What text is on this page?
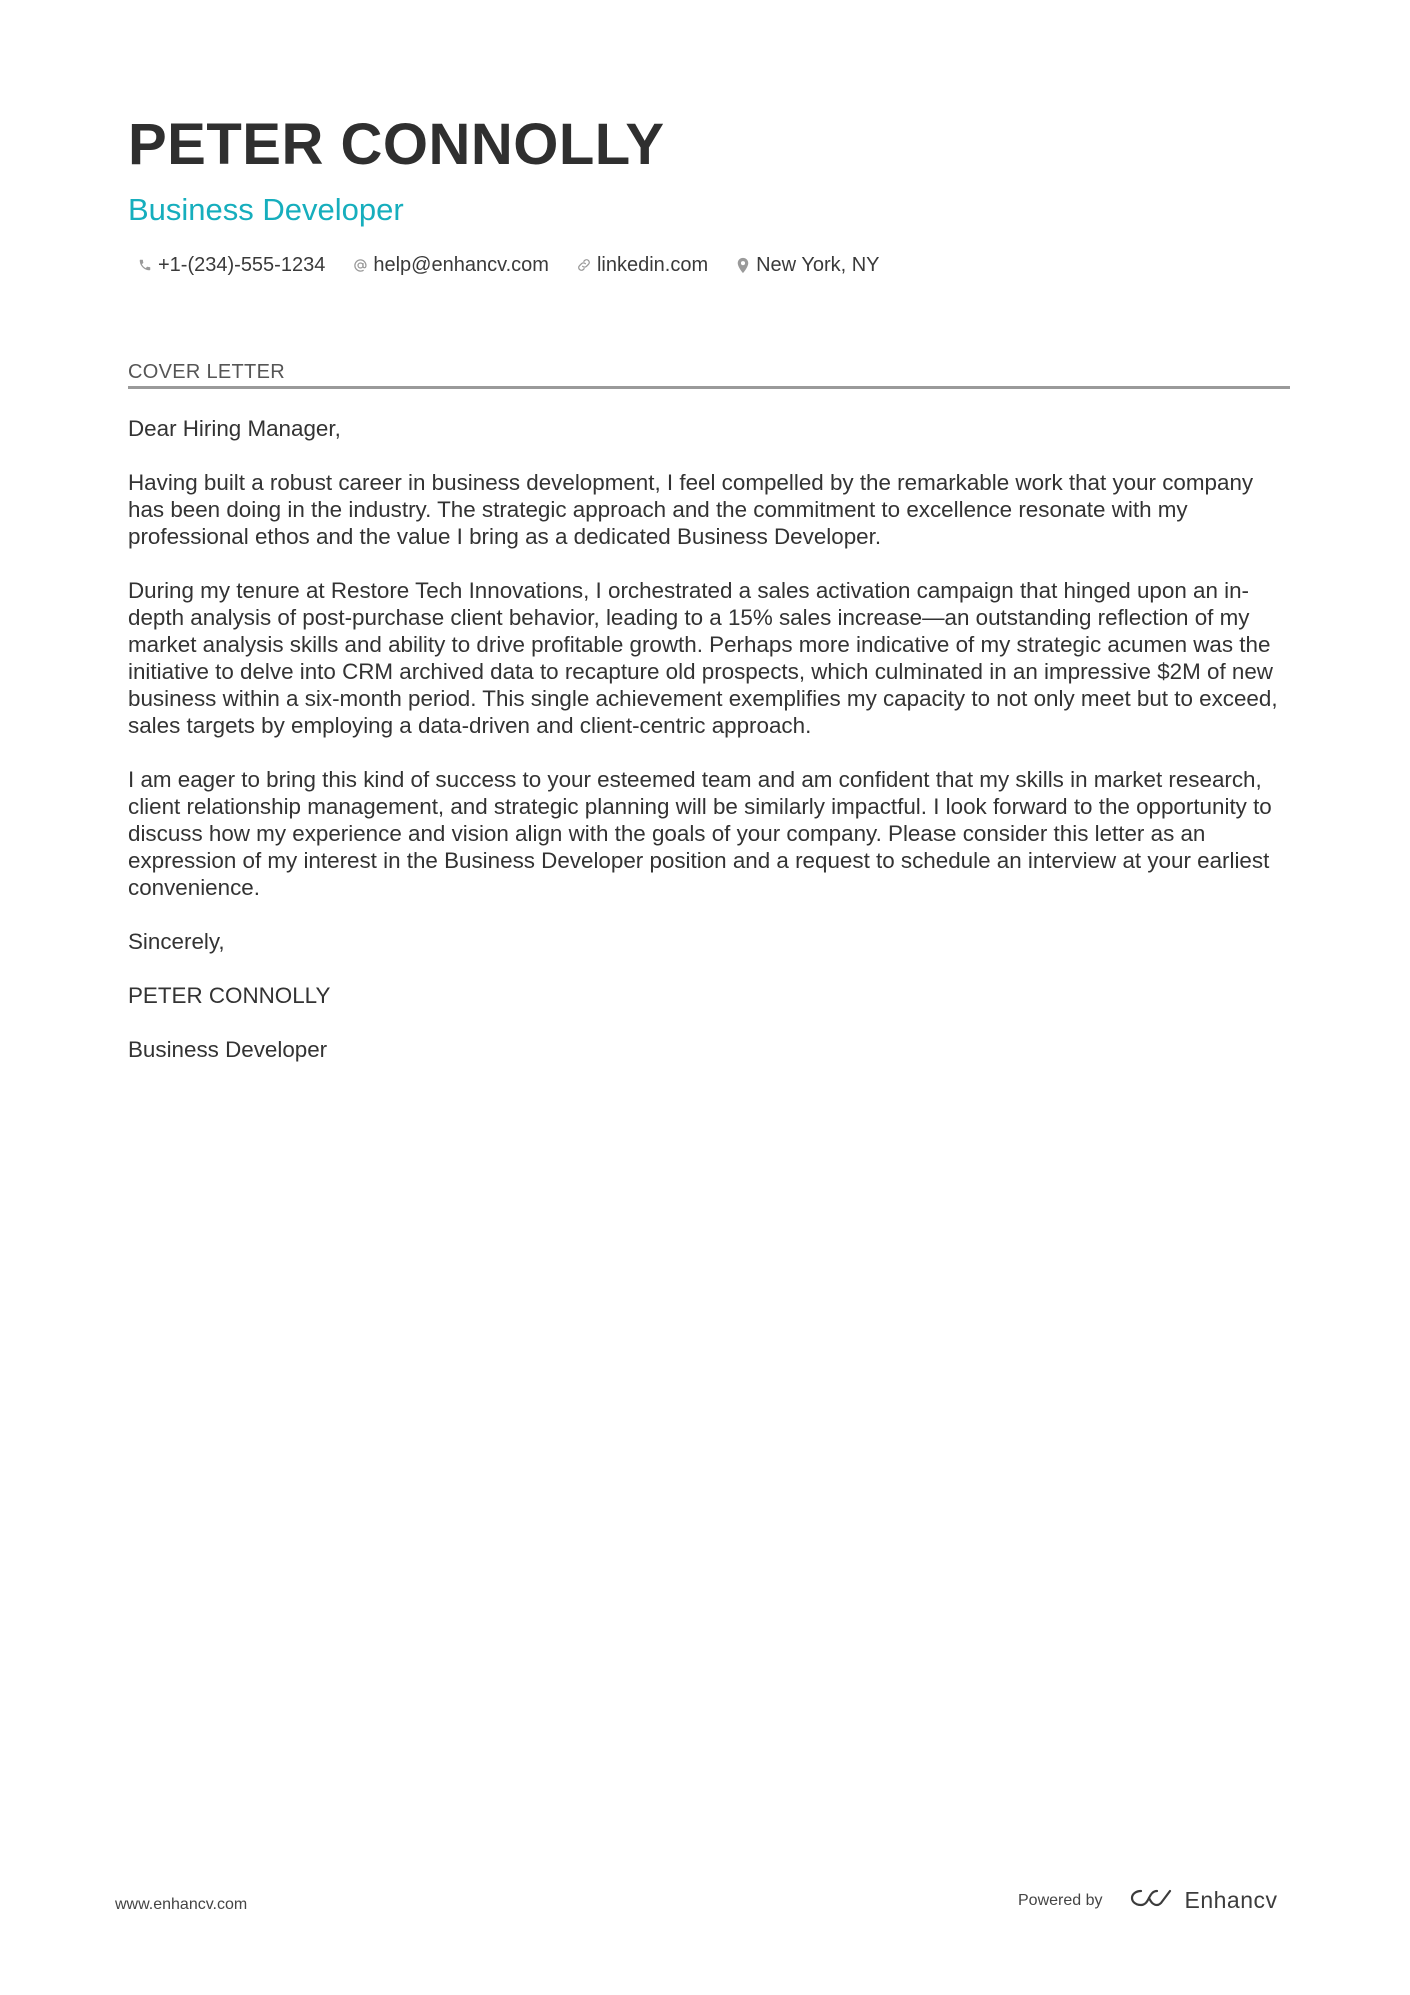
PETER CONNOLLY
Business Developer
+1-(234)-555-1234 help@enhancv.com linkedin.com New York, NY
COVER LETTER

Dear Hiring Manager,

Having built a robust career in business development, I feel compelled by the remarkable work that your company has been doing in the industry. The strategic approach and the commitment to excellence resonate with my professional ethos and the value I bring as a dedicated Business Developer.

During my tenure at Restore Tech Innovations, I orchestrated a sales activation campaign that hinged upon an in-depth analysis of post-purchase client behavior, leading to a 15% sales increase—an outstanding reflection of my market analysis skills and ability to drive profitable growth. Perhaps more indicative of my strategic acumen was the initiative to delve into CRM archived data to recapture old prospects, which culminated in an impressive $2M of new business within a six-month period. This single achievement exemplifies my capacity to not only meet but to exceed, sales targets by employing a data-driven and client-centric approach.

I am eager to bring this kind of success to your esteemed team and am confident that my skills in market research, client relationship management, and strategic planning will be similarly impactful. I look forward to the opportunity to discuss how my experience and vision align with the goals of your company. Please consider this letter as an expression of my interest in the Business Developer position and a request to schedule an interview at your earliest convenience.

Sincerely,

PETER CONNOLLY

Business Developer

www.enhancv.com	Powered by	Enhancv
